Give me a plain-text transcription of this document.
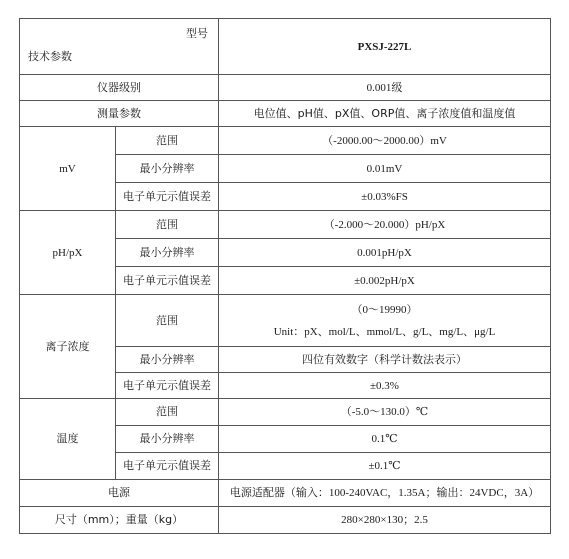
型号
技术参数		PXSJ-227L
仪器级别		0.001级
测量参数		电位值、pH值、pX值、ORP值、离子浓度值和温度值
mV	范围	（-2000.00～2000.00）mV
	最小分辨率	0.01mV
	电子单元示值误差	±0.03%FS
pH/pX	范围	（-2.000～20.000）pH/pX
	最小分辨率	0.001pH/pX
	电子单元示值误差	±0.002pH/pX
离子浓度	范围	（0～19990）
Unit：pX、mol/L、mmol/L、g/L、mg/L、μg/L

	最小分辨率	四位有效数字（科学计数法表示）
	电子单元示值误差	±0.3%
温度	范围	（-5.0～130.0）℃
	最小分辨率	0.1℃
	电子单元示值误差	±0.1℃
电源		电源适配器（输入：100-240VAC，1.35A；输出：24VDC，3A）
尺寸（mm）；重量（kg）		280×280×130；2.5
